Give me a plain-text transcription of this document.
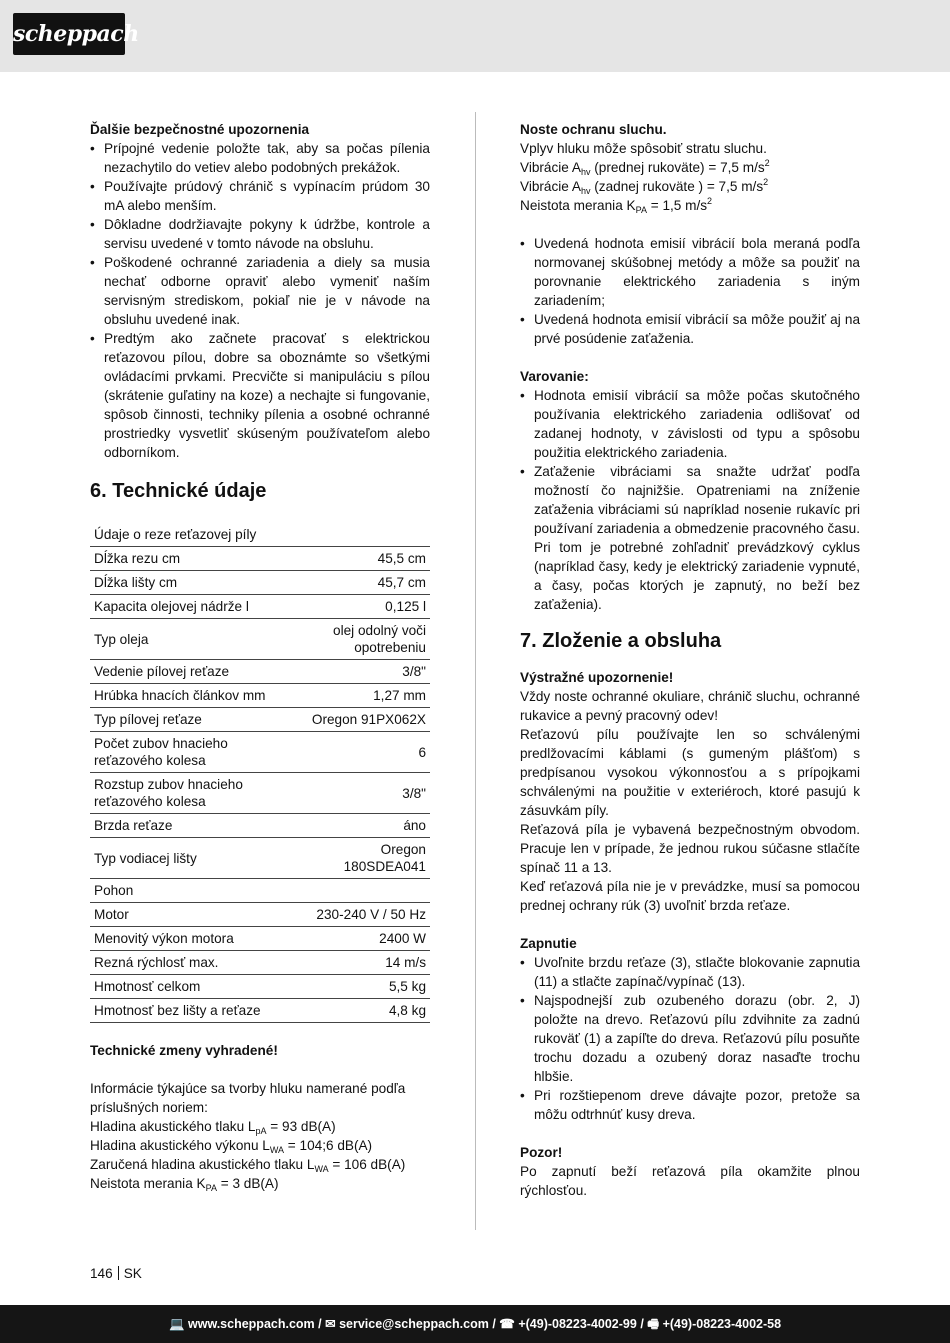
scheppach

Ďalšie bezpečnostné upozornenia

• Prípojné vedenie položte tak, aby sa počas pílenia nezachytilo do vetiev alebo podobných prekážok.
• Používajte prúdový chránič s vypínacím prúdom 30 mA alebo menším.
• Dôkladne dodržiavajte pokyny k údržbe, kontrole a servisu uvedené v tomto návode na obsluhu.
• Poškodené ochranné zariadenia a diely sa musia nechať odborne opraviť alebo vymeniť naším servisným strediskom, pokiaľ nie je v návode na obsluhu uvedené inak.
• Predtým ako začnete pracovať s elektrickou reťazovou pílou, dobre sa oboznámte so všetkými ovládacími prvkami. Precvičte si manipuláciu s pílou (skrátenie guľatiny na koze) a nechajte si fungovanie, spôsob činnosti, techniky pílenia a osobné ochranné prostriedky vysvetliť skúseným používateľom alebo odborníkom.
6. Technické údaje
Údaje o reze reťazovej píly	
Dĺžka rezu cm	45,5 cm
Dĺžka lišty cm	45,7 cm
Kapacita olejovej nádrže l	0,125 l
Typ oleja	olej odolný voči opotrebeniu
Vedenie pílovej reťaze	3/8"
Hrúbka hnacích článkov mm	1,27 mm
Typ pílovej reťaze	Oregon 91PX062X
Počet zubov hnacieho reťazového kolesa	6
Rozstup zubov hnacieho reťazového kolesa	3/8"
Brzda reťaze	áno
Typ vodiacej lišty	Oregon 180SDEA041
Pohon	
Motor	230-240 V / 50 Hz
Menovitý výkon motora	2400 W
Rezná rýchlosť max.	14 m/s
Hmotnosť celkom	5,5 kg
Hmotnosť bez lišty a reťaze	4,8 kg

Technické zmeny vyhradené!

Informácie týkajúce sa tvorby hluku namerané podľa príslušných noriem:

Hladina akustického tlaku $L_{pA} = 93$ dB(A)

Hladina akustického výkonu $L_{WA}$ = 104;6 dB(A)

Zaručená hladina akustického tlaku $L_{WA} = 106$ dB(A)

Neistota merania $K_{PA} = 3$ dB(A)

Noste ochranu sluchu.

Vplyv hluku môže spôsobiť stratu sluchu.

Vibrácie $A_{hv}$ (prednej rukoväte) = 7,5 $m/s^2$

Vibrácie $A_{hv}$ (zadnej rukoväte ) = 7,5 $m/s^2$

Neistota merania $K_{PA} = 1,5$ $m/s^2$

• Uvedená hodnota emisií vibrácií bola meraná podľa normovanej skúšobnej metódy a môže sa použiť na porovnanie elektrického zariadenia s iným zariadením;
• Uvedená hodnota emisií vibrácií sa môže použiť aj na prvé posúdenie zaťaženia.

Varovanie:

• Hodnota emisií vibrácií sa môže počas skutočného používania elektrického zariadenia odlišovať od zadanej hodnoty, v závislosti od typu a spôsobu použitia elektrického zariadenia.
• Zaťaženie vibráciami sa snažte udržať podľa možností čo najnižšie. Opatreniami na zníženie zaťaženia vibráciami sú napríklad nosenie rukavíc pri používaní zariadenia a obmedzenie pracovného času. Pri tom je potrebné zohľadniť prevádzkový cyklus (napríklad časy, kedy je elektrický zariadenie vypnuté, a časy, počas ktorých je zapnutý, no beží bez zaťaženia).
7. Zloženie a obsluha

Výstražné upozornenie!

Vždy noste ochranné okuliare, chránič sluchu, ochranné rukavice a pevný pracovný odev!

Reťazovú pílu používajte len so schválenými predlžovacími káblami (s gumeným plášťom) s predpísanou vysokou výkonnosťou a s prípojkami schválenými na použitie v exteriéroch, ktoré pasujú k zásuvkám píly.

Reťazová píla je vybavená bezpečnostným obvodom. Pracuje len v prípade, že jednou rukou súčasne stlačíte spínač 11 a 13.

Keď reťazová píla nie je v prevádzke, musí sa pomocou prednej ochrany rúk (3) uvoľniť brzda reťaze.

Zapnutie

• Uvoľnite brzdu reťaze (3), stlačte blokovanie zapnutia (11) a stlačte zapínač/vypínač (13).
• Najspodnejší zub ozubeného dorazu (obr. 2, J) položte na drevo. Reťazovú pílu zdvihnite za zadnú rukoväť (1) a zapíľte do dreva. Reťazovú pílu posuňte trochu dozadu a ozubený doraz nasaďte trochu hlbšie.
• Pri rozštiepenom dreve dávajte pozor, pretože sa môžu odtrhnúť kusy dreva.

Pozor!

Po zapnutí beží reťazová píla okamžite plnou rýchlosťou.

146 SK
💻 www.scheppach.com / ✉ service@scheppach.com / ☎ +(49)-08223-4002-99 / 🖷 +(49)-08223-4002-58
